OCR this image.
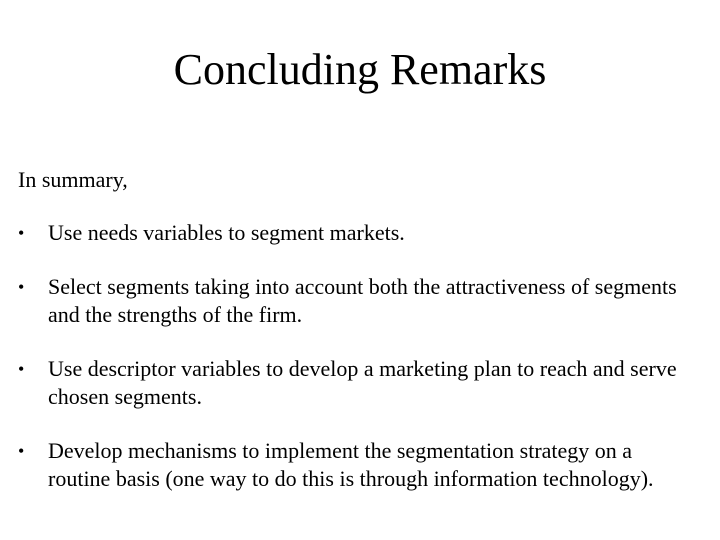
Concluding Remarks

In summary,

•	Use needs variables to segment markets.
•	Select segments taking into account both the attractiveness of segments and the strengths of the firm.
•	Use descriptor variables to develop a marketing plan to reach and serve chosen segments.
•	Develop mechanisms to implement the segmentation strategy on a routine basis (one way to do this is through information technology).
